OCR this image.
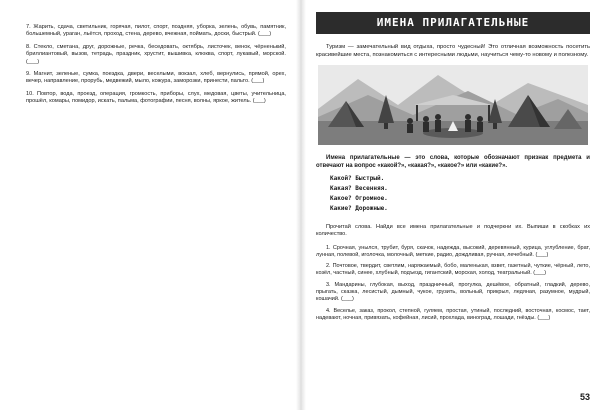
7. Жарить, сдача, светильник, горячая, пилот, спорт, поздняя, уборка, зелень, обувь, памятник, большемный, ураган, льётся, проход, стена, дерево, вчежная, поймать, доски, быстрый. (___)

8. Стекло, сметана, друг, дорожные, речка, беседовать, октябрь, листочек, венок, чёрненький, бриллиантовый, вызов, тетрадь, праздник, хрустит, вышивка, клюква, спорт, лукавый, морской. (___)

9. Магнит, зеленые, сумка, поездка, двери, веселыми, вокзал, хлеб, вернулись, прямой, орех, вечер, направление, прорубь, медвежий, мыло, кожура, заморозки, принести, пальто. (___)

10. Повтор, вода, проезд, операция, громкость, приборы, слух, медовая, цветы, учительница, прошёл, комары, помидор, искать, пальма, фотографии, песня, волны, яркое, житель. (___)

ИМЕНА ПРИЛАГАТЕЛЬНЫЕ

Туризм — замечательный вид отдыха, просто чудесный! Это отличная возможность посетить красивейшие места, познакомиться с интересными людьми, научиться чему-то новому и полезному.

Имена прилагательные — это слова, которые обозначают признак предмета и отвечают на вопрос «какой?», «какая?», «какое?» или «какие?».

Какой? Быстрый.
Какая? Весенняя.
Какое? Огромное.
Какие? Дорожные.

Прочитай слова. Найди все имена прилагательные и подчеркни их. Выпиши в скобках их количество.

1. Срочная, унылся, трубит, буря, скачок, надежда, высокий, деревянный, курица, углубление, брат, лунная, полевой, иголочка, молочный, меткие, радио, дождливая, ручная, лечебный. (___)

2. Почтовое, твердит, светлим, наряжаемый, бобо, маленькая, взвет, газетный, чуткие, чёрный, лето, козёл, частный, синее, хлубный, подъезд, гигантский, морская, холод, театральный. (___)

3. Мандарины, глубокая, выход, праздничный, прогулка, дешёвое, обратный, гладкий, дерево, прыгать, сказка, лесистый, дымный, чукое, грузить, вольный, прикрыл, ледяная, разумное, мудрый, кошачий. (___)

4. Веселье, заказ, прокол, степной, гуляем, простая, утиный, последний, восточная, космос, тает, надевают, ночная, привязать, кофейная, лисий, прохлада, виноград, лошади, гнёзды. (___)

53
